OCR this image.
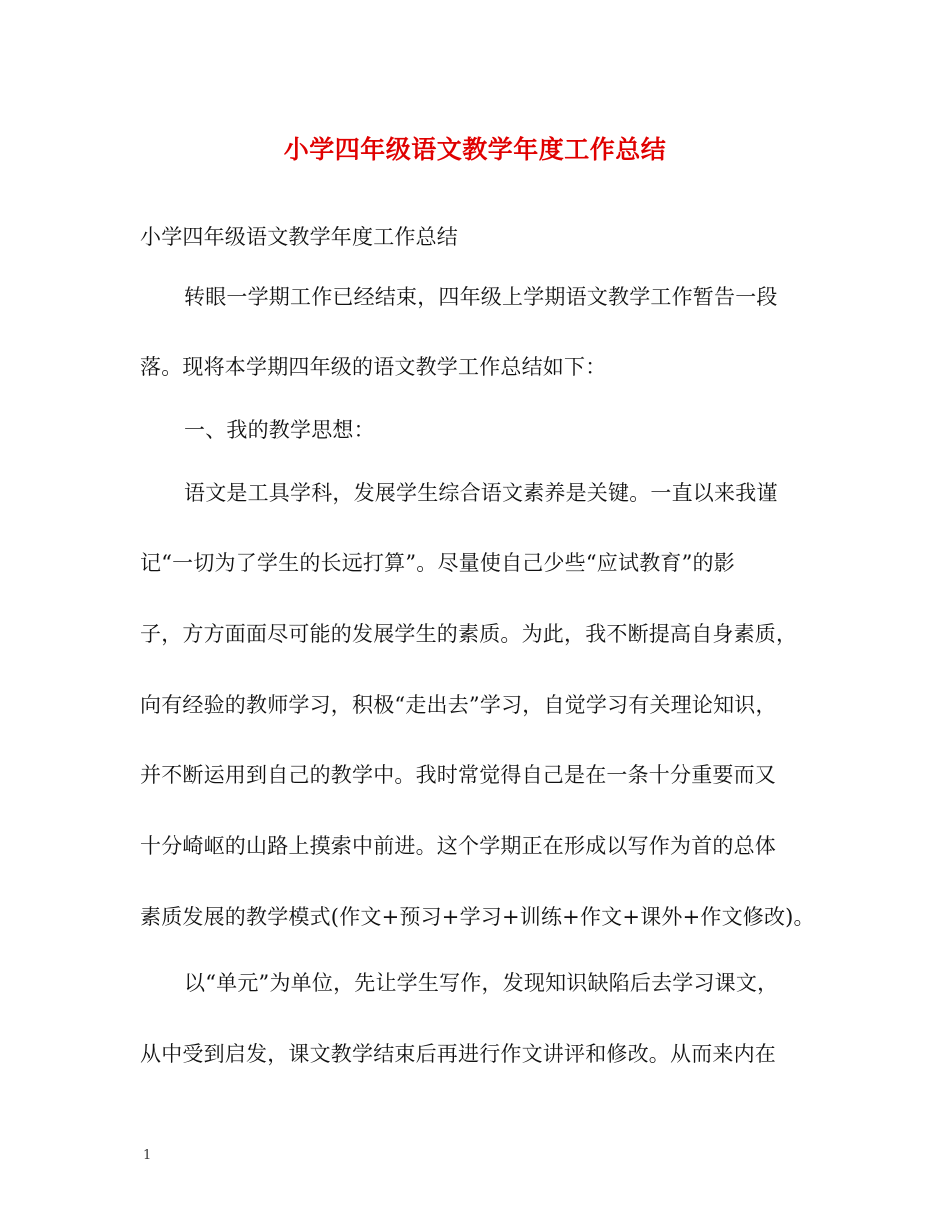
小学四年级语文教学年度工作总结
小学四年级语文教学年度工作总结
转眼一学期工作已经结束，四年级上学期语文教学工作暂告一段
落。现将本学期四年级的语文教学工作总结如下：
一、我的教学思想：
语文是工具学科，发展学生综合语文素养是关键。一直以来我谨
记“一切为了学生的长远打算”。尽量使自己少些“应试教育”的影
子，方方面面尽可能的发展学生的素质。为此，我不断提高自身素质，
向有经验的教师学习，积极“走出去”学习，自觉学习有关理论知识，
并不断运用到自己的教学中。我时常觉得自己是在一条十分重要而又
十分崎岖的山路上摸索中前进。这个学期正在形成以写作为首的总体
素质发展的教学模式(作文+预习+学习+训练+作文+课外+作文修改)。
以“单元”为单位，先让学生写作，发现知识缺陷后去学习课文，
从中受到启发，课文教学结束后再进行作文讲评和修改。从而来内在
1
